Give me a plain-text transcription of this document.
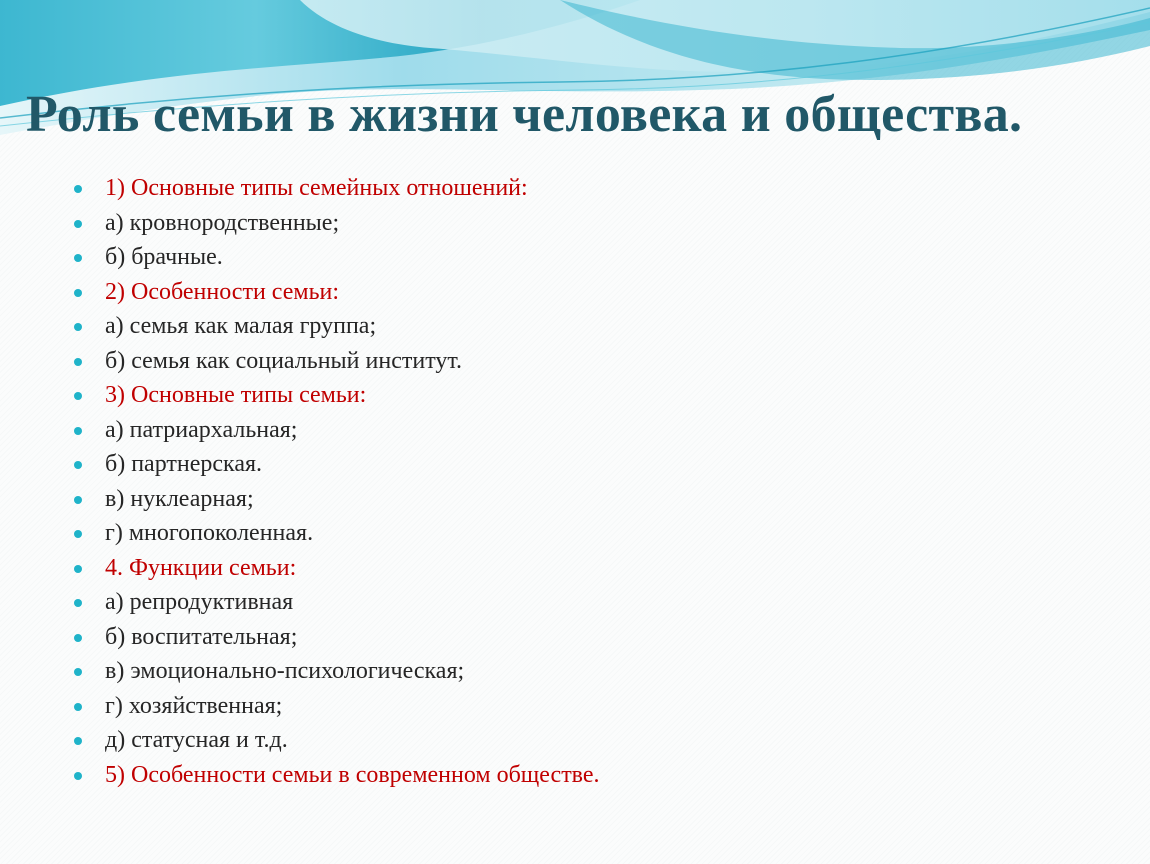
Роль семьи в жизни человека и общества.
1) Основные типы семейных отношений:
а) кровнородственные;
б) брачные.
2) Особенности семьи:
а) семья как малая группа;
б) семья как социальный институт.
3) Основные типы семьи:
а) патриархальная;
б) партнерская.
в) нуклеарная;
г) многопоколенная.
4. Функции семьи:
а) репродуктивная
б) воспитательная;
в) эмоционально-психологическая;
г) хозяйственная;
д) статусная и т.д.
5) Особенности семьи в современном обществе.
